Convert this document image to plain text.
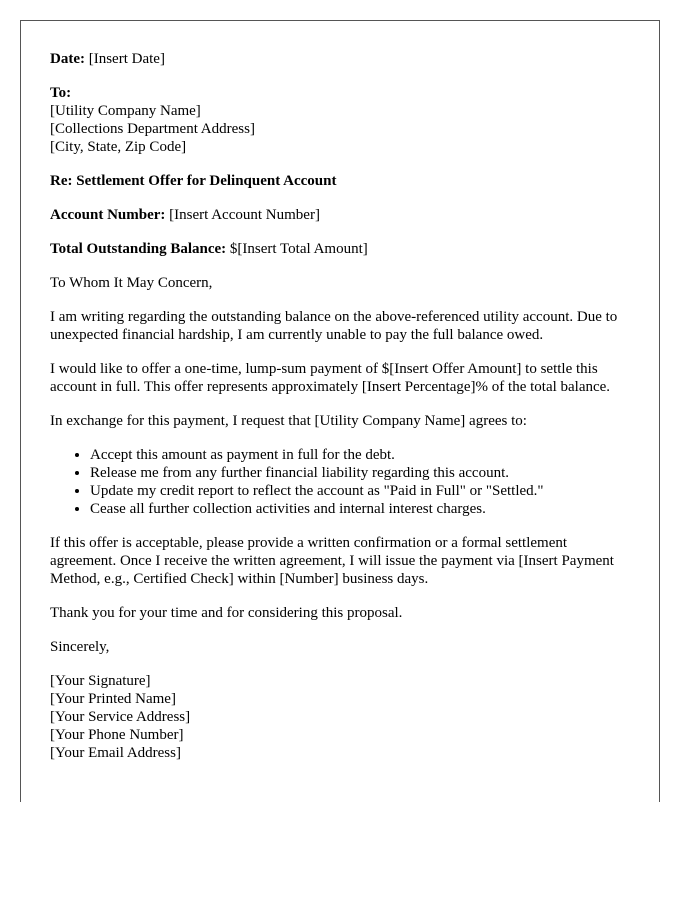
Date: [Insert Date]

To:
[Utility Company Name]
[Collections Department Address]
[City, State, Zip Code]

Re: Settlement Offer for Delinquent Account

Account Number: [Insert Account Number]

Total Outstanding Balance: $[Insert Total Amount]

To Whom It May Concern,

I am writing regarding the outstanding balance on the above-referenced utility account. Due to unexpected financial hardship, I am currently unable to pay the full balance owed.

I would like to offer a one-time, lump-sum payment of $[Insert Offer Amount] to settle this account in full. This offer represents approximately [Insert Percentage]% of the total balance.

In exchange for this payment, I request that [Utility Company Name] agrees to:

• Accept this amount as payment in full for the debt.
• Release me from any further financial liability regarding this account.
• Update my credit report to reflect the account as "Paid in Full" or "Settled."
• Cease all further collection activities and internal interest charges.

If this offer is acceptable, please provide a written confirmation or a formal settlement agreement. Once I receive the written agreement, I will issue the payment via [Insert Payment Method, e.g., Certified Check] within [Number] business days.

Thank you for your time and for considering this proposal.

Sincerely,

[Your Signature]
[Your Printed Name]
[Your Service Address]
[Your Phone Number]
[Your Email Address]
